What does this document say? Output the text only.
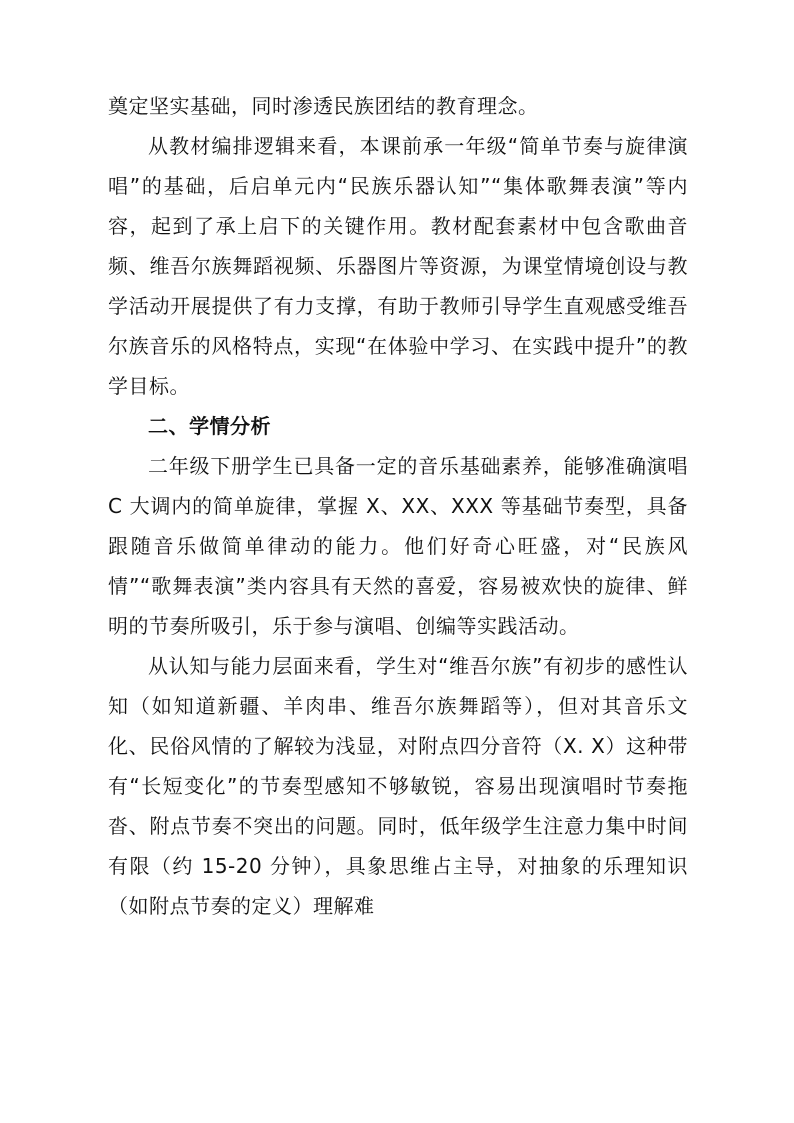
奠定坚实基础，同时渗透民族团结的教育理念。

从教材编排逻辑来看，本课前承一年级“简单节奏与旋律演唱”的基础，后启单元内“民族乐器认知”“集体歌舞表演”等内容，起到了承上启下的关键作用。教材配套素材中包含歌曲音频、维吾尔族舞蹈视频、乐器图片等资源，为课堂情境创设与教学活动开展提供了有力支撑，有助于教师引导学生直观感受维吾尔族音乐的风格特点，实现“在体验中学习、在实践中提升”的教学目标。

二、学情分析

二年级下册学生已具备一定的音乐基础素养，能够准确演唱 C 大调内的简单旋律，掌握 X、XX、XXX 等基础节奏型，具备跟随音乐做简单律动的能力。他们好奇心旺盛，对“民族风情”“歌舞表演”类内容具有天然的喜爱，容易被欢快的旋律、鲜明的节奏所吸引，乐于参与演唱、创编等实践活动。

从认知与能力层面来看，学生对“维吾尔族”有初步的感性认知（如知道新疆、羊肉串、维吾尔族舞蹈等），但对其音乐文化、民俗风情的了解较为浅显，对附点四分音符（X. X）这种带有“长短变化”的节奏型感知不够敏锐，容易出现演唱时节奏拖沓、附点节奏不突出的问题。同时，低年级学生注意力集中时间有限（约 15-20 分钟），具象思维占主导，对抽象的乐理知识（如附点节奏的定义）理解难
